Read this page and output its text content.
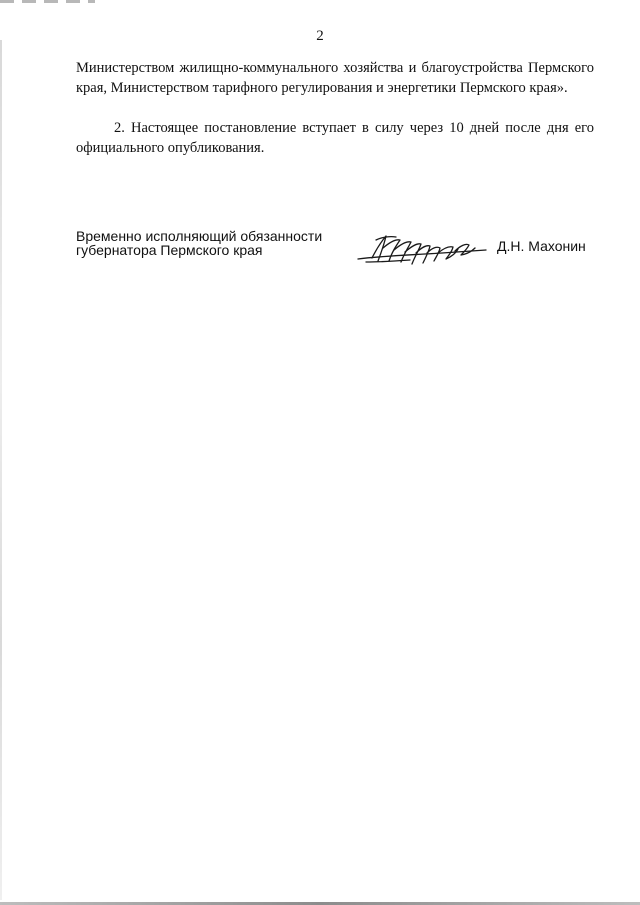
2

Министерством жилищно-коммунального хозяйства и благоустройства Пермского края, Министерством тарифного регулирования и энергетики Пермского края».

2. Настоящее постановление вступает в силу через 10 дней после дня его официального опубликования.

Временно исполняющий обязанности
губернатора Пермского края	Д.Н. Махонин
